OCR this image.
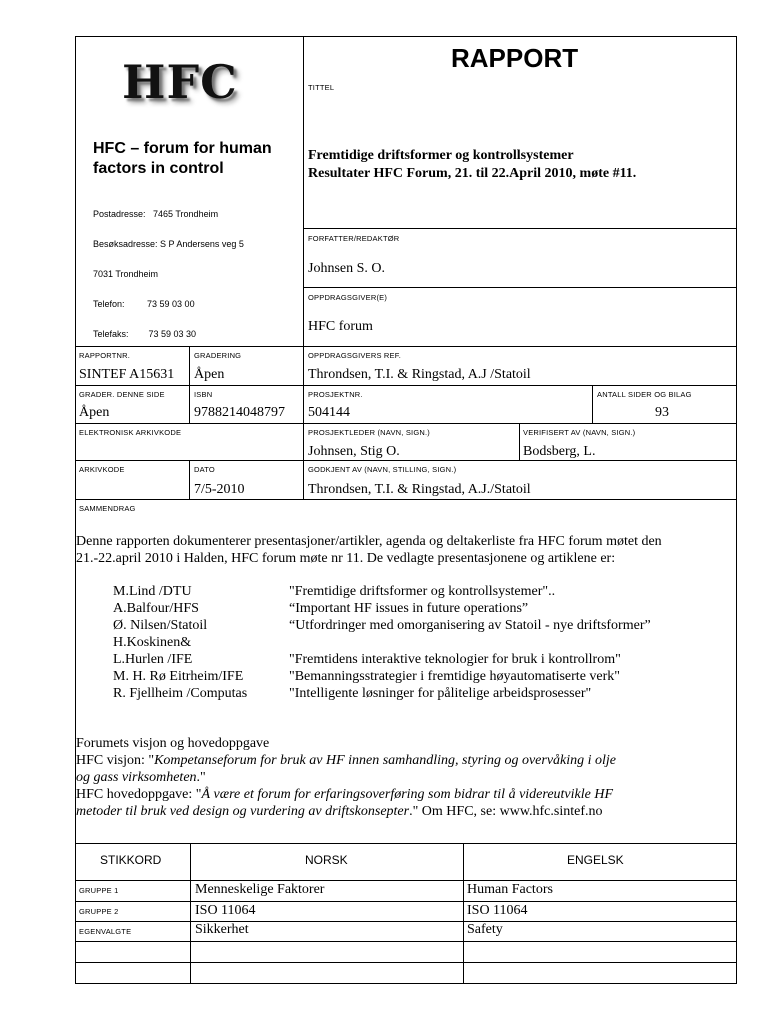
HFC
HFC – forum for human
factors in control

Postadresse:   7465 Trondheim

Besøksadresse: S P Andersens veg 5

7031 Trondheim

Telefon:         73 59 03 00

Telefaks:        73 59 03 30

RAPPORT
TITTEL
Fremtidige driftsformer og kontrollsystemer
Resultater HFC Forum, 21. til 22.April 2010, møte #11.
FORFATTER/REDAKTØR
Johnsen S. O.
OPPDRAGSGIVER(E)
HFC forum
RAPPORTNR.
SINTEF A15631
GRADERING
Åpen
OPPDRAGSGIVERS REF.
Throndsen, T.I. & Ringstad, A.J /Statoil
GRADER. DENNE SIDE
Åpen
ISBN
9788214048797
PROSJEKTNR.
504144
ANTALL SIDER OG BILAG
93
ELEKTRONISK ARKIVKODE	PROSJEKTLEDER (NAVN, SIGN.)
Johnsen, Stig O.
VERIFISERT AV (NAVN, SIGN.)
Bodsberg, L.
ARKIVKODE	DATO
7/5-2010
GODKJENT AV (NAVN, STILLING, SIGN.)
Throndsen, T.I. & Ringstad, A.J./Statoil
SAMMENDRAG
Denne rapporten dokumenterer presentasjoner/artikler, agenda og deltakerliste fra HFC forum møtet den
21.-22.april 2010 i Halden, HFC forum møte nr 11. De vedlagte presentasjonene og artiklene er:
M.Lind /DTU	"Fremtidige driftsformer og kontrollsystemer"..
A.Balfour/HFS	“Important HF issues in future operations”
Ø. Nilsen/Statoil	“Utfordringer med omorganisering av Statoil - nye driftsformer”
H.Koskinen&
L.Hurlen /IFE	"Fremtidens interaktive teknologier for bruk i kontrollrom"
M. H. Rø Eitrheim/IFE	"Bemanningsstrategier i fremtidige høyautomatiserte verk"
R. Fjellheim /Computas	"Intelligente løsninger for pålitelige arbeidsprosesser"
Forumets visjon og hovedoppgave
HFC visjon: "Kompetanseforum for bruk av HF innen samhandling, styring og overvåking i olje
og gass virksomheten."
HFC hovedoppgave: "Å være et forum for erfaringsoverføring som bidrar til å videreutvikle HF
metoder til bruk ved design og vurdering av driftskonsepter." Om HFC, se: www.hfc.sintef.no
STIKKORD	NORSK	ENGELSK
GRUPPE 1	Menneskelige Faktorer	Human Factors
GRUPPE 2	ISO 11064	ISO 11064
EGENVALGTE	Sikkerhet	Safety
